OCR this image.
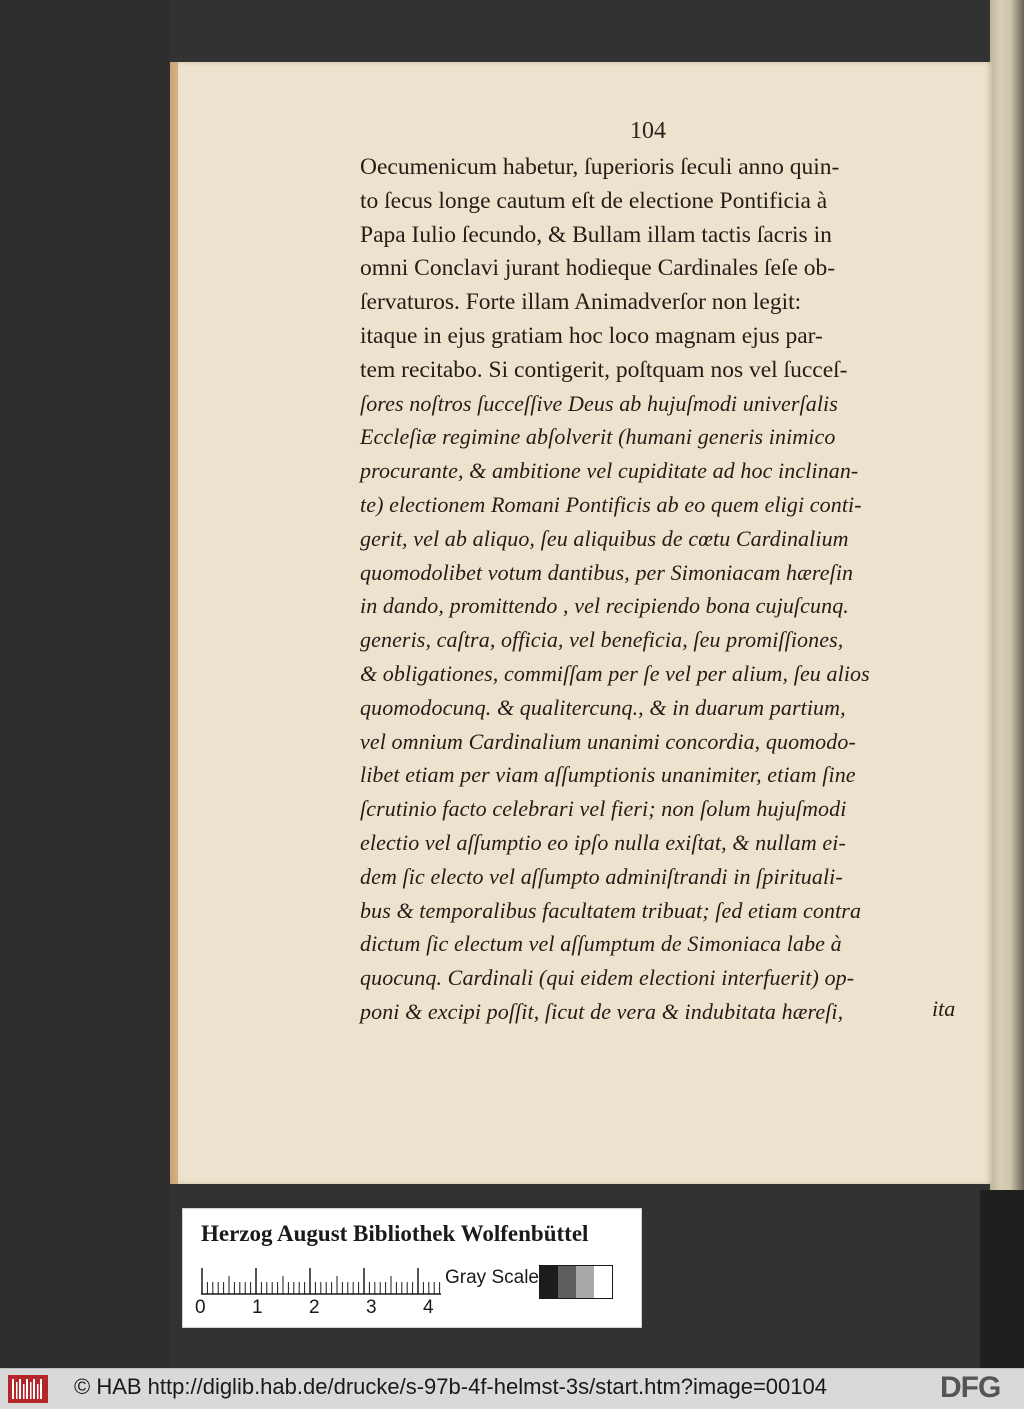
104
Oecumenicum habetur, ſuperioris ſeculi anno quin-
to ſecus longe cautum eſt de electione Pontificia à
Papa Iulio ſecundo, & Bullam illam tactis ſacris in
omni Conclavi jurant hodieque Cardinales ſeſe ob-
ſervaturos. Forte illam Animadverſor non legit:
itaque in ejus gratiam hoc loco magnam ejus par-
tem recitabo. Si contigerit, poſtquam nos vel ſucceſ-
ſores noſtros ſucceſſive Deus ab hujuſmodi univerſalis
Eccleſiæ regimine abſolverit (humani generis inimico
procurante, & ambitione vel cupiditate ad hoc inclinan-
te) electionem Romani Pontificis ab eo quem eligi conti-
gerit, vel ab aliquo, ſeu aliquibus de cœtu Cardinalium
quomodolibet votum dantibus, per Simoniacam hæreſin
in dando, promittendo , vel recipiendo bona cujuſcunq.
generis, caſtra, officia, vel beneficia, ſeu promiſſiones,
& obligationes, commiſſam per ſe vel per alium, ſeu alios
quomodocunq. & qualitercunq., & in duarum partium,
vel omnium Cardinalium unanimi concordia, quomodo-
libet etiam per viam aſſumptionis unanimiter, etiam ſine
ſcrutinio facto celebrari vel fieri; non ſolum hujuſmodi
electio vel aſſumptio eo ipſo nulla exiſtat, & nullam ei-
dem ſic electo vel aſſumpto adminiſtrandi in ſpirituali-
bus & temporalibus facultatem tribuat; ſed etiam contra
dictum ſic electum vel aſſumptum de Simoniaca labe à
quocunq. Cardinali (qui eidem electioni interfuerit) op-
poni & excipi poſſit, ſicut de vera & indubitata hæreſi,	ita
Herzog August Bibliothek Wolfenbüttel
0 1 2 3 4
Gray Scale
© HAB http://diglib.hab.de/drucke/s-97b-4f-helmst-3s/start.htm?image=00104	DFG
